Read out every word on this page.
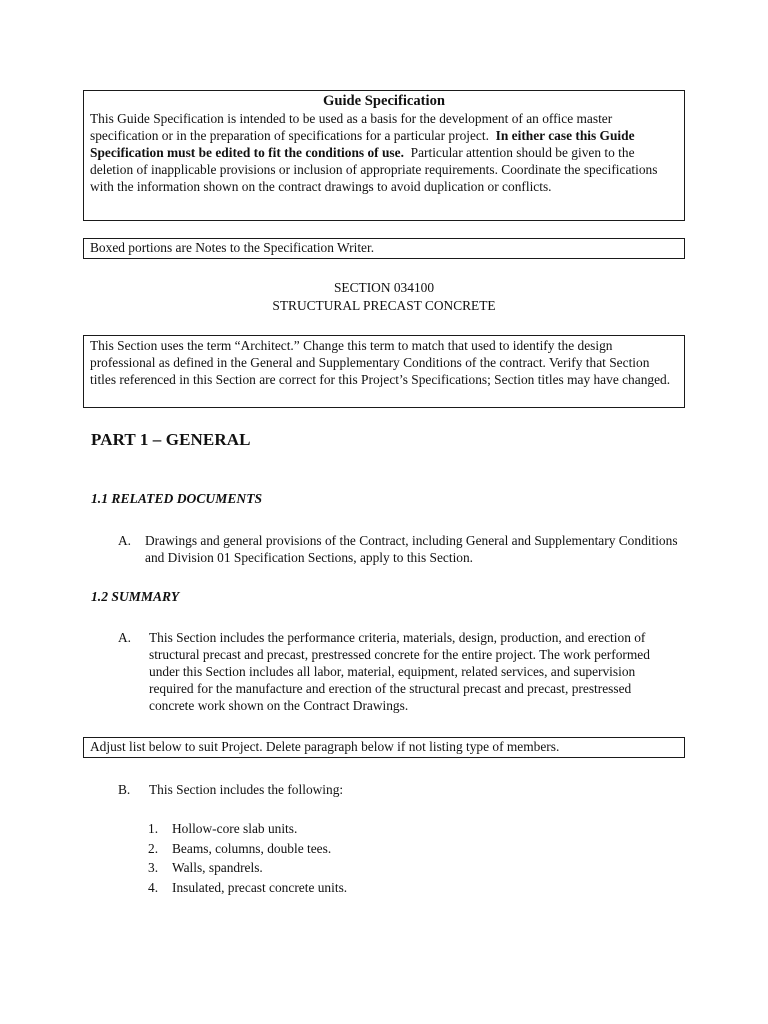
Guide Specification
This Guide Specification is intended to be used as a basis for the development of an office master specification or in the preparation of specifications for a particular project. In either case this Guide Specification must be edited to fit the conditions of use. Particular attention should be given to the deletion of inapplicable provisions or inclusion of appropriate requirements. Coordinate the specifications with the information shown on the contract drawings to avoid duplication or conflicts.
Boxed portions are Notes to the Specification Writer.
SECTION 034100
STRUCTURAL PRECAST CONCRETE
This Section uses the term “Architect.” Change this term to match that used to identify the design professional as defined in the General and Supplementary Conditions of the contract. Verify that Section titles referenced in this Section are correct for this Project’s Specifications; Section titles may have changed.
PART 1 – GENERAL
1.1 RELATED DOCUMENTS
A. Drawings and general provisions of the Contract, including General and Supplementary Conditions and Division 01 Specification Sections, apply to this Section.
1.2 SUMMARY
A. This Section includes the performance criteria, materials, design, production, and erection of structural precast and precast, prestressed concrete for the entire project. The work performed under this Section includes all labor, material, equipment, related services, and supervision required for the manufacture and erection of the structural precast and precast, prestressed concrete work shown on the Contract Drawings.
Adjust list below to suit Project. Delete paragraph below if not listing type of members.
B. This Section includes the following:
1. Hollow-core slab units.
2. Beams, columns, double tees.
3. Walls, spandrels.
4. Insulated, precast concrete units.
